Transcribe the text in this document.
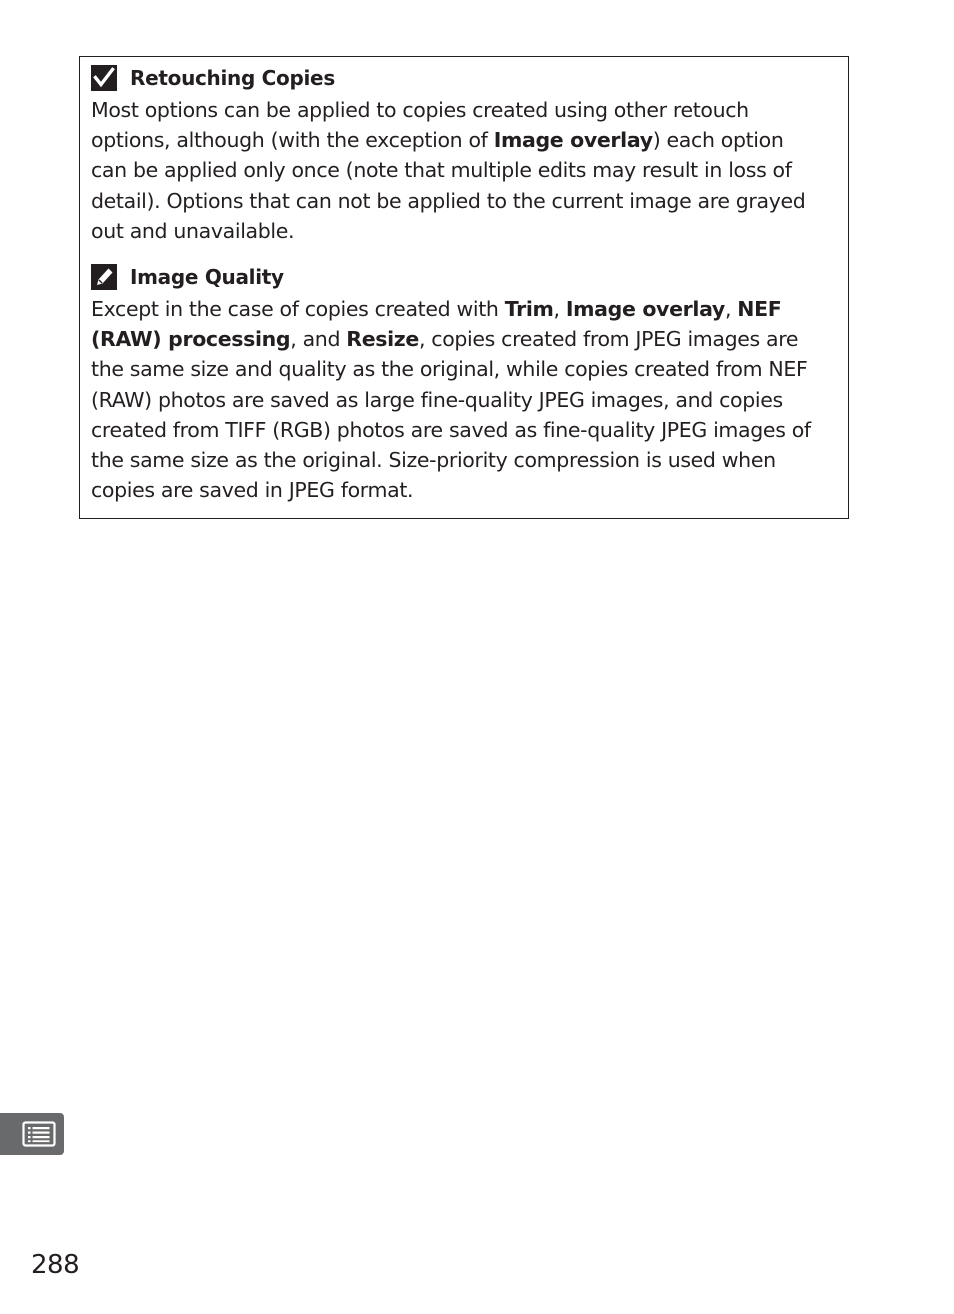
Retouching Copies
Most options can be applied to copies created using other retouch
options, although (with the exception of Image overlay) each option
can be applied only once (note that multiple edits may result in loss of
detail). Options that can not be applied to the current image are grayed
out and unavailable.
Image Quality
Except in the case of copies created with Trim, Image overlay, NEF
(RAW) processing, and Resize, copies created from JPEG images are
the same size and quality as the original, while copies created from NEF
(RAW) photos are saved as large fine-quality JPEG images, and copies
created from TIFF (RGB) photos are saved as fine-quality JPEG images of
the same size as the original. Size-priority compression is used when
copies are saved in JPEG format.
288
